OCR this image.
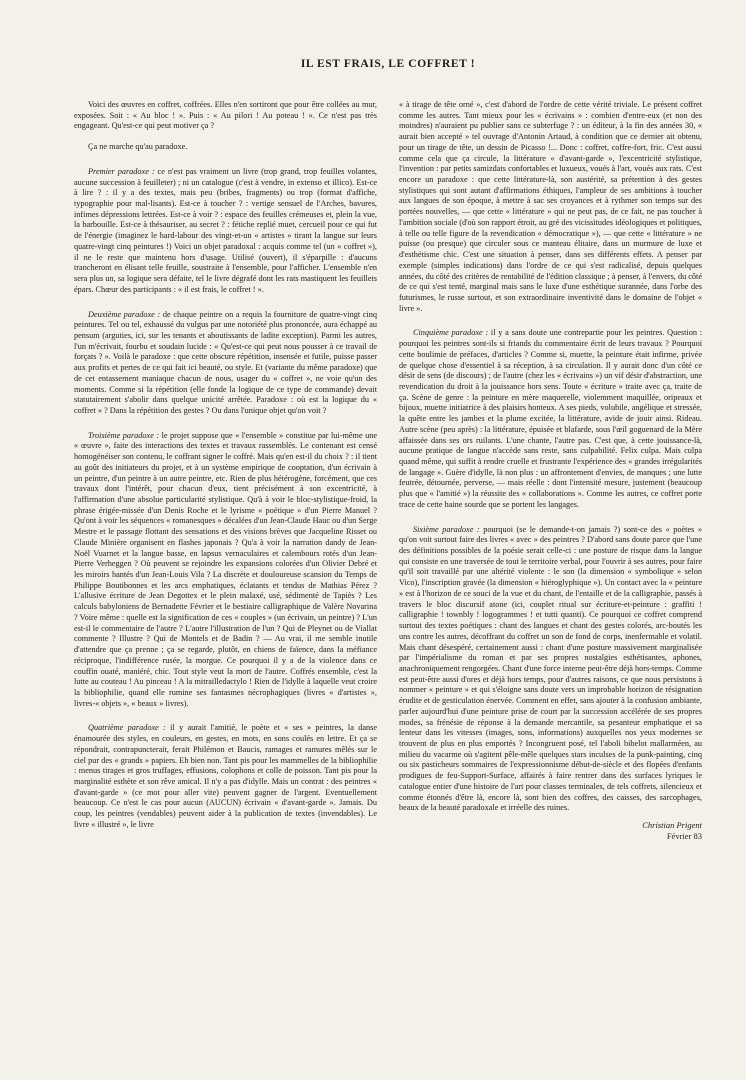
IL EST FRAIS, LE COFFRET !

Voici des œuvres en coffret, coffrées. Elles n'en sortiront que pour être collées au mur, exposées. Soit : « Au bloc ! ». Puis : « Au pilori ! Au poteau ! ». Ce n'est pas très engageant. Qu'est-ce qui peut motiver ça ?

Ça ne marche qu'au paradoxe.

Premier paradoxe : ce n'est pas vraiment un livre (trop grand, trop feuilles volantes, aucune succession à feuilleter) ; ni un catalogue (c'est à vendre, in extenso et illico). Est-ce à lire ? : il y a des textes, mais peu (bribes, fragments) ou trop (format d'affiche, typographie pour mal-lisants). Est-ce à toucher ? : vertige sensuel de l'Arches, bavures, infimes dépressions lettrées. Est-ce à voir ? : espace des feuilles crémeuses et, plein la vue, la barbouille. Est-ce à thésauriser, au secret ? : fétiche replié muet, cercueil pour ce qui fut de l'énergie (imaginez le hard-labour des vingt-et-un « artistes » tirant la langue sur leurs quatre-vingt cinq peintures !) Voici un objet paradoxal : acquis comme tel (un « coffret »), il ne le reste que maintenu hors d'usage. Utilisé (ouvert), il s'éparpille : d'aucuns trancheront en élisant telle feuille, soustraite à l'ensemble, pour l'afficher. L'ensemble n'en sera plus un, sa logique sera défaite, tel le livre dégrafé dont les rats mastiquent les feuillets épars. Chœur des participants : « il est frais, le coffret ! ».

Deuxième paradoxe : de chaque peintre on a requis la fourniture de quatre-vingt cinq peintures. Tel ou tel, exhaussé du vulgus par une notoriété plus prononcée, aura échappé au pensum (arguties, ici, sur les tenants et aboutissants de ladite exception). Parmi les autres, l'un m'écrivait, fourbu et soudain lucide : « Qu'est-ce qui peut nous pousser à ce travail de forçats ? ». Voilà le paradoxe : que cette obscure répétition, insensée et futile, puisse passer aux profits et pertes de ce qui fait ici beauté, ou style. Et (variante du même paradoxe) que de cet entassement maniaque chacun de nous, usager du « coffret », ne voie qu'un des moments. Comme si la répétition (elle fonde la logique de ce type de commande) devait statutairement s'abolir dans quelque unicité arrêtée. Paradoxe : où est la logique du « coffret » ? Dans la répétition des gestes ? Ou dans l'unique objet qu'on voit ?

Troisième paradoxe : le projet suppose que « l'ensemble » constitue par lui-même une « œuvre », faite des interactions des textes et travaux rassemblés. Le contenant est censé homogénéiser son contenu, le coffrant signer le coffré. Mais qu'en est-il du choix ? : il tient au goût des initiateurs du projet, et à un système empirique de cooptation, d'un écrivain à un peintre, d'un peintre à un autre peintre, etc. Rien de plus hétérogène, forcément, que ces travaux dont l'intérêt, pour chacun d'eux, tient précisément à son excentricité, à l'affirmation d'une absolue particularité stylistique. Qu'à à voir le bloc-stylistique-froid, la phrase érigée-missée d'un Denis Roche et le lyrisme « poétique » d'un Pierre Manuel ? Qu'ont à voir les séquences « romanesques » décalées d'un Jean-Claude Hauc ou d'un Serge Mestre et le passage flottant des sensations et des visions brèves que Jacqueline Risset ou Claude Minière organisent en flashes japonais ? Qu'a à voir la narration dandy de Jean-Noël Vuarnet et la langue basse, en lapsus vernaculaires et calembours rotés d'un Jean-Pierre Verheggen ? Où peuvent se rejoindre les expansions colorées d'un Olivier Debré et les miroirs hantés d'un Jean-Louis Vila ? La discrète et douloureuse scansion du Temps de Philippe Boutibonnes et les arcs emphatiques, éclatants et tendus de Mathias Pérez ? L'allusive écriture de Jean Degottex et le plein malaxé, usé, sédimenté de Tapiès ? Les calculs babyloniens de Bernadette Février et le bestiaire calligraphique de Valère Novarina ? Voire même : quelle est la signification de ces « couples » (un écrivain, un peintre) ? L'un est-il le commentaire de l'autre ? L'autre l'illustration de l'un ? Qui de Pleynet ou de Viallat commente ? Illustre ? Qui de Montels et de Badin ? — Au vrai, il me semble inutile d'attendre que ça prenne ; ça se regarde, plutôt, en chiens de faïence, dans la méfiance réciproque, l'indifférence rusée, la morgue. Ce pourquoi il y a de la violence dans ce couffin ouaté, maniéré, chic. Tout style veut la mort de l'autre. Coffrés ensemble, c'est la lutte au couteau ! Au pinceau ! A la mitrailledactylo ! Rien de l'idylle à laquelle veut croire la bibliophilie, quand elle rumine ses fantasmes nécrophagiques (livres « d'artistes », livres-« objets », « beaux » livres).

Quatrième paradoxe : il y aurait l'amitié, le poète et « ses » peintres, la danse énamourée des styles, en couleurs, en gestes, en mots, en sons coulés en lettre. Et ça se répondrait, contrapuncterait, ferait Philémon et Baucis, ramages et ramures mêlés sur le ciel pur des « grands » papiers. Eh bien non. Tant pis pour les mammelles de la bibliophilie : menus tirages et gros truffages, effusions, colophons et colle de poisson. Tant pis pour la marginalité esthète et son rêve amical. Il n'y a pas d'idylle. Mais un contrat : des peintres « d'avant-garde » (ce mot pour aller vite) peuvent gagner de l'argent. Eventuellement beaucoup. Ce n'est le cas pour aucun (AUCUN) écrivain « d'avant-garde ». Jamais. Du coup, les peintres (vendables) peuvent aider à la publication de textes (invendables). Le livre « illustré », le livre

« à tirage de tête orné », c'est d'abord de l'ordre de cette vérité triviale. Le présent coffret comme les autres. Tant mieux pour les « écrivains » : combien d'entre-eux (et non des moindres) n'auraient pu publier sans ce subterfuge ? : un éditeur, à la fin des années 30, « aurait bien accepté » tel ouvrage d'Antonin Artaud, à condition que ce dernier ait obtenu, pour un tirage de tête, un dessin de Picasso !... Donc : coffret, coffre-fort, fric. C'est aussi comme cela que ça circule, la littérature « d'avant-garde », l'excentricité stylistique, l'invention : par petits samizdats confortables et luxueux, voués à l'art, voués aux rats. C'est encore un paradoxe : que cette littérature-là, son austérité, sa prétention à des gestes stylistiques qui sont autant d'affirmations éthiques, l'ampleur de ses ambitions à toucher aux langues de son époque, à mettre à sac ses croyances et à rythmer son temps sur des portées nouvelles, — que cette « littérature » qui ne peut pas, de ce fait, ne pas toucher à l'ambition sociale (d'où son rapport étroit, au gré des vicissitudes idéologiques et politiques, à telle ou telle figure de la revendication « démocratique »), — que cette « littérature » ne puisse (ou presque) que circuler sous ce manteau élitaire, dans un murmure de luxe et d'esthétisme chic. C'est une situation à penser, dans ses différents effets. A penser par exemple (simples indications) dans l'ordre de ce qui s'est radicalisé, depuis quelques années, du côté des critères de rentabilité de l'édition classique ; à penser, à l'envers, du côté de ce qui s'est tenté, marginal mais sans le luxe d'une esthétique surannée, dans l'orbe des futurismes, le russe surtout, et son extraordinaire inventivité dans le domaine de l'objet « livre ».

Cinquième paradoxe : il y a sans doute une contrepartie pour les peintres. Question : pourquoi les peintres sont-ils si friands du commentaire écrit de leurs travaux ? Pourquoi cette boulimie de préfaces, d'articles ? Comme si, muette, la peinture était infirme, privée de quelque chose d'essentiel à sa réception, à sa circulation. Il y aurait donc d'un côté ce désir de sens (de discours) ; de l'autre (chez les « écrivains ») un vif désir d'abstraction, une revendication du droit à la jouissance hors sens. Toute « écriture » traite avec ça, traite de ça. Scène de genre : la peinture en mère maquerelle, violemment maquillée, oripeaux et bijoux, muette initiatrice à des plaisirs honteux. A ses pieds, volubile, angélique et stressée, la quête entre les jambes et la plume excitée, la littérature, avide de jouir ainsi. Rideau. Autre scène (peu après) : la littérature, épuisée et blafarde, sous l'œil goguenard de la Mère affaissée dans ses ors ruilants. L'une chante, l'autre pas. C'est que, à cette jouissance-là, aucune pratique de langue n'accède sans reste, sans culpabilité. Felix culpa. Mais culpa quand même, qui suffit à rendre cruelle et frustrante l'expérience des « grandes irrégularités de langage ». Guère d'idylle, là non plus : un affrontement d'envies, de manques ; une lutte feutrée, détournée, perverse, — mais réelle : dont l'intensité mesure, justement (beaucoup plus que « l'amitié ») la réussite des « collaborations ». Comme les autres, ce coffret porte trace de cette haine sourde que se portent les langages.

Sixième paradoxe : pourquoi (se le demande-t-on jamais ?) sont-ce des « poètes » qu'on voit surtout faire des livres « avec » des peintres ? D'abord sans doute parce que l'une des définitions possibles de la poésie serait celle-ci : une posture de risque dans la langue qui consiste en une traversée de tout le territoire verbal, pour l'ouvrir à ses autres, pour faire qu'il soit travaillé par une altérité violente : le son (la dimension « symbolique » selon Vico), l'inscription gravée (la dimension « hiéroglyphique »). Un contact avec la « peinture » est à l'horizon de ce souci de la vue et du chant, de l'entaille et de la calligraphie, passés à travers le bloc discursif atone (ici, couplet ritual sur écriture-et-peinture : graffiti ! calligraphie ! townbly ! logogrammes ! et tutti quanti). Ce pourquoi ce coffret comprend surtout des textes poétiques : chant des langues et chant des gestes colorés, arc-boutés les uns contre les autres, décoffrant du coffret un son de fond de corps, inenfermable et volatil. Mais chant désespéré, certainement aussi : chant d'une posture massivement marginalisée par l'impérialisme du roman et par ses propres nostalgies esthétisantes, aphones, anachroniquement rengorgées. Chant d'une force interne peut-être déjà hors-temps. Comme est peut-être aussi d'ores et déjà hors temps, pour d'autres raisons, ce que nous persistons à nommer « peinture » et qui s'éloigne sans doute vers un improbable horizon de résignation érudite et de gesticulation énervée. Comment en effet, sans ajouter à la confusion ambiante, parler aujourd'hui d'une peinture prise de court par la succession accélérée de ses propres modes, sa frénésie de réponse à la demande mercantile, sa pesanteur emphatique et sa lenteur dans les vitesses (images, sons, informations) auxquelles nos yeux modernes se trouvent de plus en plus emportés ? Incongruent posé, tel l'aboli bibelot mallarméen, au milieu du vacarme où s'agitent pêle-mêle quelques stars inculses de la punk-painting, cinq ou six pasticheurs sommaires de l'expressionnisme début-de-siècle et des flopées d'enfants prodigues de feu-Support-Surface, affairés à faire rentrer dans des surfaces lyriques le catalogue entier d'une histoire de l'art pour classes terminales, de tels coffrets, silencieux et comme étonnés d'être là, encore là, sont bien des coffres, des caisses, des sarcophages, beaux de la beauté paradoxale et irréelle des ruines.

Christian Prigent
Février 83
